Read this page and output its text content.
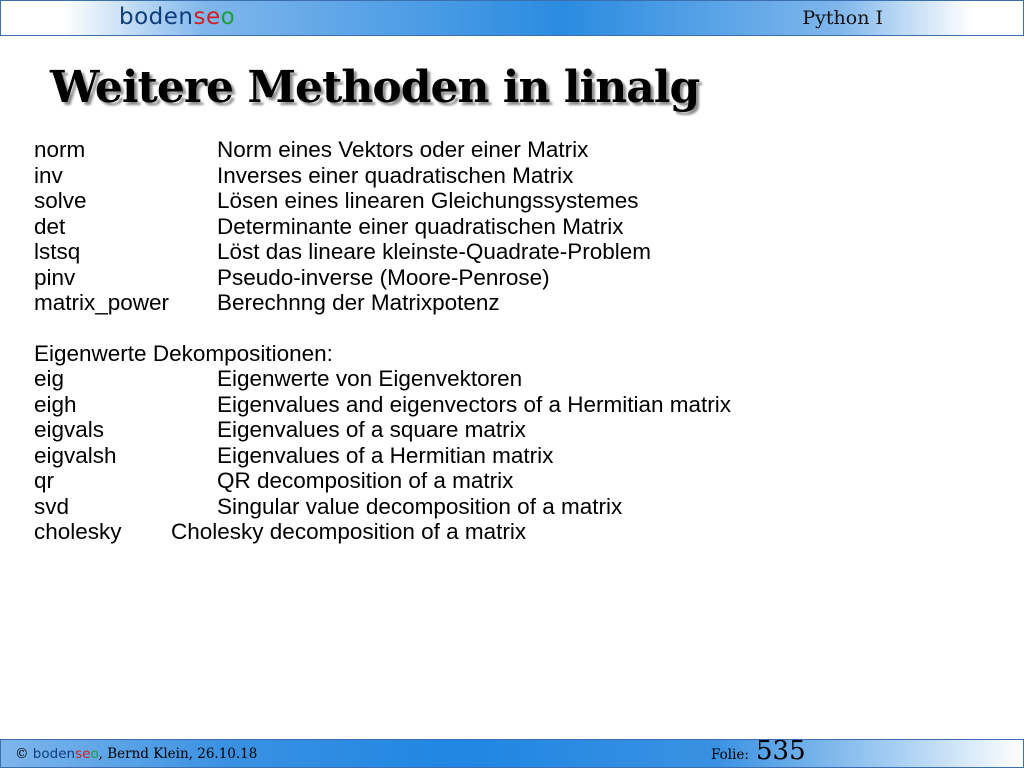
bodenseo	Python I
Weitere Methoden in linalg
norm	Norm eines Vektors oder einer Matrix
inv	Inverses einer quadratischen Matrix
solve	Lösen eines linearen Gleichungssystemes
det	Determinante einer quadratischen Matrix
lstsq	Löst das lineare kleinste-Quadrate-Problem
pinv	Pseudo-inverse (Moore-Penrose)
matrix_power Berechnng der Matrixpotenz
Eigenwerte Dekompositionen:
eig	Eigenwerte von Eigenvektoren
eigh	Eigenvalues and eigenvectors of a Hermitian matrix
eigvals	Eigenvalues of a square matrix
eigvalsh	Eigenvalues of a Hermitian matrix
qr	QR decomposition of a matrix
svd	Singular value decomposition of a matrix
cholesky Cholesky decomposition of a matrix
© bodenseo, Bernd Klein, 26.10.18	Folie: 535
